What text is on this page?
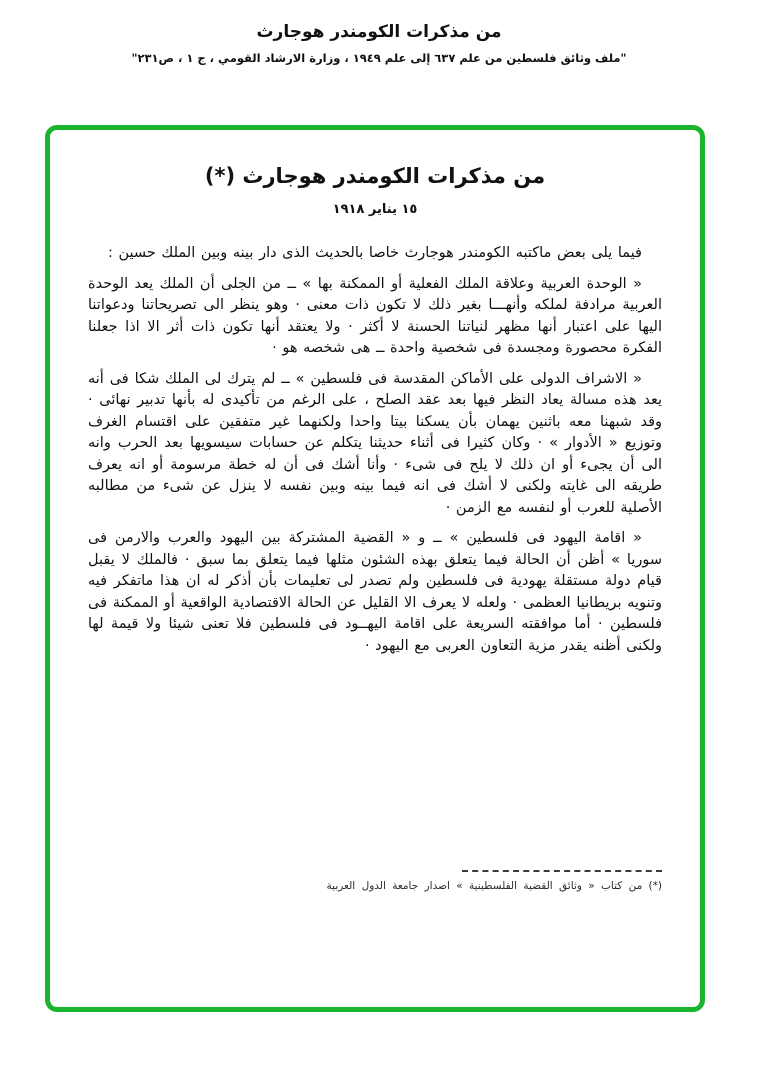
من مذكرات الكومندر هوجارث
"ملف وثائق فلسطين من علم ٦٣٧ إلى علم ١٩٤٩ ، وزارة الارشاد القومي ، ج ١ ، ص٢٣١"
من مذكرات الكومندر هوجارث (*)
١٥ يناير ١٩١٨

فيما يلى بعض ماكتبه الكومندر هوجارث خاصا بالحديث الذى دار بينه وبين الملك حسين :

« الوحدة العربية وعلاقة الملك الفعلية أو الممكنة بها » ــ من الجلى أن الملك يعد الوحدة العربية مرادفة لملكه وأنهـــا بغير ذلك لا تكون ذات معنى · وهو ينظر الى تصريحاتنا ودعواتنا اليها على اعتبار أنها مظهر لنياتنا الحسنة لا أكثر · ولا يعتقد أنها تكون ذات أثر الا اذا جعلنا الفكرة محصورة ومجسدة فى شخصية واحدة ــ هى شخصه هو ·

« الاشراف الدولى على الأماكن المقدسة فى فلسطين » ــ لم يترك لى الملك شكا فى أنه يعد هذه مسالة يعاد النظر فيها بعد عقد الصلح ، على الرغم من تأكيدى له بأنها تدبير نهائى · وقد شبهنا معه باثنين يهمان بأن يسكنا بيتا واحدا ولكنهما غير متفقين على اقتسام الغرف وتوزيع « الأدوار » · وكان كثيرا فى أثناء حديثنا يتكلم عن حسابات سيسويها بعد الحرب وانه الى أن يجىء أو ان ذلك لا يلح فى شىء · وأنا أشك فى أن له خطة مرسومة أو انه يعرف طريقه الى غايته ولكنى لا أشك فى انه فيما بينه وبين نفسه لا ينزل عن شىء من مطالبه الأصلية للعرب أو لنفسه مع الزمن ·

« اقامة اليهود فى فلسطين » ــ و « القضية المشتركة بين اليهود والعرب والارمن فى سوريا » أظن أن الحالة فيما يتعلق بهذه الشئون مثلها فيما يتعلق بما سبق · فالملك لا يقبل قيام دولة مستقلة يهودية فى فلسطين ولم تصدر لى تعليمات بأن أذكر له ان هذا ماتفكر فيه وتنويه بريطانيا العظمى · ولعله لا يعرف الا القليل عن الحالة الاقتصادية الواقعية أو الممكنة فى فلسطين · أما موافقته السريعة على اقامة اليهــود فى فلسطين فلا تعنى شيئا ولا قيمة لها ولكنى أظنه يقدر مزية التعاون العربى مع اليهود ·

(*) من كتاب « وثائق القضية الفلسطينية » اصدار جامعة الدول العربية
